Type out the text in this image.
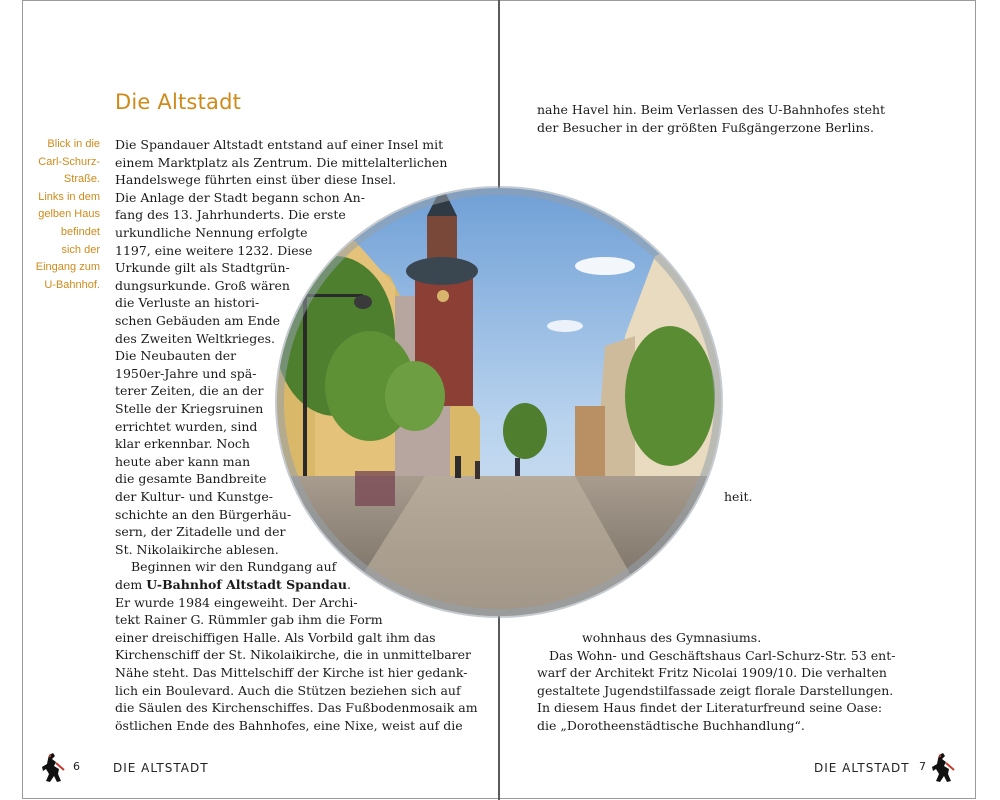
Die Altstadt
Blick in die
Carl-Schurz-
Straße.
Links in dem
gelben Haus
befindet
sich der
Eingang zum
U-Bahnhof.
Die Spandauer Altstadt entstand auf einer Insel mit
einem Marktplatz als Zentrum. Die mittelalterlichen
Handelswege führten einst über diese Insel.
Die Anlage der Stadt begann schon An-
fang des 13. Jahrhunderts. Die erste
urkundliche Nennung erfolgte
1197, eine weitere 1232. Diese
Urkunde gilt als Stadtgrün-
dungsurkunde. Groß wären
die Verluste an histori-
schen Gebäuden am Ende
des Zweiten Weltkrieges.
Die Neubauten der
1950er-Jahre und spä-
terer Zeiten, die an der
Stelle der Kriegsruinen
errichtet wurden, sind
klar erkennbar. Noch
heute aber kann man
die gesamte Bandbreite
der Kultur- und Kunstge-
schichte an den Bürgerhäu-
sern, der Zitadelle und der
St. Nikolaikirche ablesen.
Beginnen wir den Rundgang auf
dem U-Bahnhof Altstadt Spandau.
Er wurde 1984 eingeweiht. Der Archi-
tekt Rainer G. Rümmler gab ihm die Form
einer dreischiffigen Halle. Als Vorbild galt ihm das
Kirchenschiff der St. Nikolaikirche, die in unmittelbarer
Nähe steht. Das Mittelschiff der Kirche ist hier gedank-
lich ein Boulevard. Auch die Stützen beziehen sich auf
die Säulen des Kirchenschiffes. Das Fußbodenmosaik am
östlichen Ende des Bahnhofes, eine Nixe, weist auf die
nahe Havel hin. Beim Verlassen des U-Bahnhofes steht
der Besucher in der größten Fußgängerzone Berlins.
heit.
wohnhaus des Gymnasiums.
Das Wohn- und Geschäftshaus Carl-Schurz-Str. 53 ent-
warf der Architekt Fritz Nicolai 1909/10. Die verhalten
gestaltete Jugendstilfassade zeigt florale Darstellungen.
In diesem Haus findet der Literaturfreund seine Oase:
die „Dorotheenstädtische Buchhandlung“.
6	DIE ALTSTADT	DIE ALTSTADT 7
